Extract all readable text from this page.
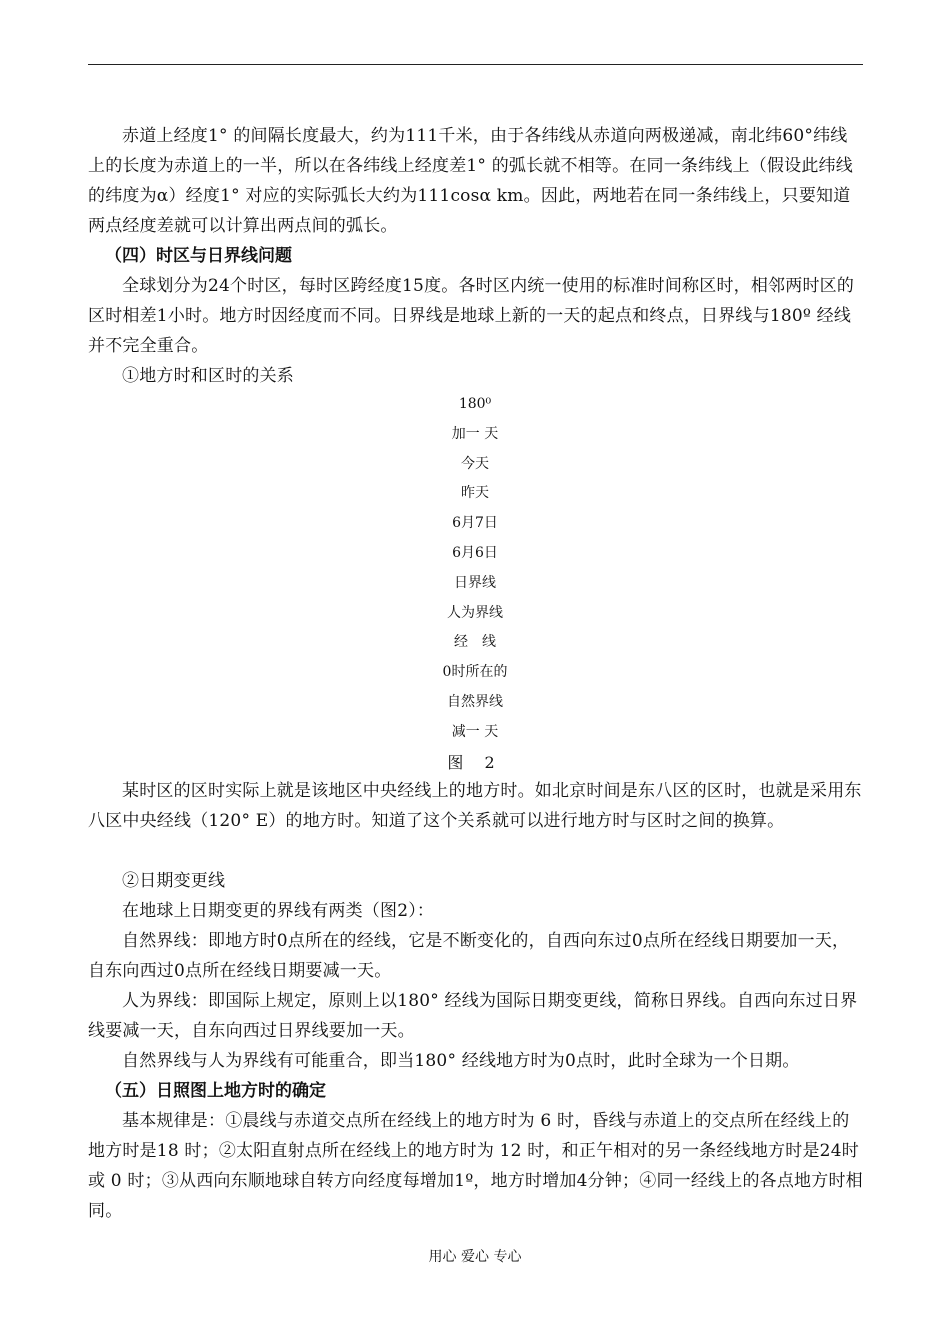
赤道上经度1° 的间隔长度最大，约为111千米，由于各纬线从赤道向两极递减，南北纬60°纬线上的长度为赤道上的一半，所以在各纬线上经度差1° 的弧长就不相等。在同一条纬线上（假设此纬线的纬度为α）经度1° 对应的实际弧长大约为111cosα km。因此，两地若在同一条纬线上，只要知道两点经度差就可以计算出两点间的弧长。

（四）时区与日界线问题

全球划分为24个时区，每时区跨经度15度。各时区内统一使用的标准时间称区时，相邻两时区的区时相差1小时。地方时因经度而不同。日界线是地球上新的一天的起点和终点，日界线与180º 经线并不完全重合。

①地方时和区时的关系

180⁰
加一 天
今天
昨天
6月7日
6月6日
日界线
人为界线
经　线
0时所在的
自然界线
减一 天
图 2

某时区的区时实际上就是该地区中央经线上的地方时。如北京时间是东八区的区时，也就是采用东八区中央经线（120° E）的地方时。知道了这个关系就可以进行地方时与区时之间的换算。

②日期变更线

在地球上日期变更的界线有两类（图2）：

自然界线：即地方时0点所在的经线，它是不断变化的，自西向东过0点所在经线日期要加一天，自东向西过0点所在经线日期要减一天。

人为界线：即国际上规定，原则上以180° 经线为国际日期变更线，简称日界线。自西向东过日界线要减一天，自东向西过日界线要加一天。

自然界线与人为界线有可能重合，即当180° 经线地方时为0点时，此时全球为一个日期。

（五）日照图上地方时的确定

基本规律是：①晨线与赤道交点所在经线上的地方时为 6 时，昏线与赤道上的交点所在经线上的地方时是18 时；②太阳直射点所在经线上的地方时为 12 时，和正午相对的另一条经线地方时是24时或 0 时；③从西向东顺地球自转方向经度每增加1º，地方时增加4分钟；④同一经线上的各点地方时相同。

用心 爱心 专心
